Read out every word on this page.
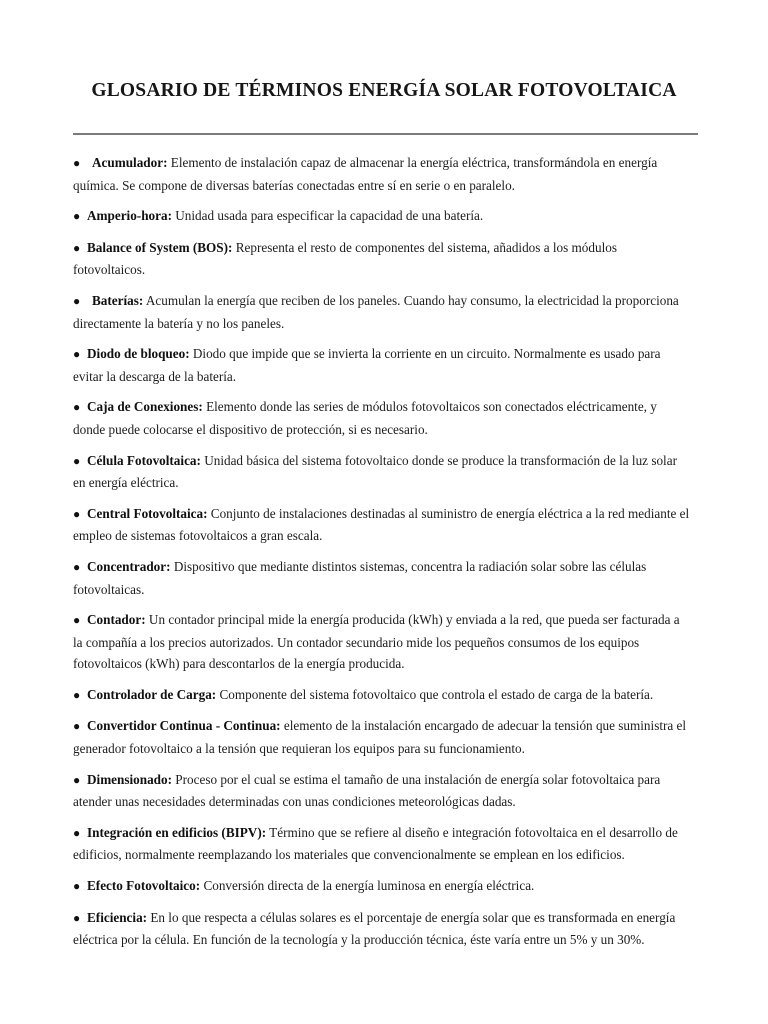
GLOSARIO DE TÉRMINOS ENERGÍA SOLAR FOTOVOLTAICA

● Acumulador: Elemento de instalación capaz de almacenar la energía eléctrica, transformándola en energía química. Se compone de diversas baterías conectadas entre sí en serie o en paralelo.

● Amperio-hora: Unidad usada para especificar la capacidad de una batería.

● Balance of System (BOS): Representa el resto de componentes del sistema, añadidos a los módulos fotovoltaicos.

● Baterías: Acumulan la energía que reciben de los paneles. Cuando hay consumo, la electricidad la proporciona directamente la batería y no los paneles.

● Diodo de bloqueo: Diodo que impide que se invierta la corriente en un circuito. Normalmente es usado para evitar la descarga de la batería.

● Caja de Conexiones: Elemento donde las series de módulos fotovoltaicos son conectados eléctricamente, y donde puede colocarse el dispositivo de protección, si es necesario.

● Célula Fotovoltaica: Unidad básica del sistema fotovoltaico donde se produce la transformación de la luz solar en energía eléctrica.

● Central Fotovoltaica: Conjunto de instalaciones destinadas al suministro de energía eléctrica a la red mediante el empleo de sistemas fotovoltaicos a gran escala.

● Concentrador: Dispositivo que mediante distintos sistemas, concentra la radiación solar sobre las células fotovoltaicas.

● Contador: Un contador principal mide la energía producida (kWh) y enviada a la red, que pueda ser facturada a la compañía a los precios autorizados. Un contador secundario mide los pequeños consumos de los equipos fotovoltaicos (kWh) para descontarlos de la energía producida.

● Controlador de Carga: Componente del sistema fotovoltaico que controla el estado de carga de la batería.

● Convertidor Continua - Continua: elemento de la instalación encargado de adecuar la tensión que suministra el generador fotovoltaico a la tensión que requieran los equipos para su funcionamiento.

● Dimensionado: Proceso por el cual se estima el tamaño de una instalación de energía solar fotovoltaica para atender unas necesidades determinadas con unas condiciones meteorológicas dadas.

● Integración en edificios (BIPV): Término que se refiere al diseño e integración fotovoltaica en el desarrollo de edificios, normalmente reemplazando los materiales que convencionalmente se emplean en los edificios.

● Efecto Fotovoltaico: Conversión directa de la energía luminosa en energía eléctrica.

● Eficiencia: En lo que respecta a células solares es el porcentaje de energía solar que es transformada en energía eléctrica por la célula. En función de la tecnología y la producción técnica, éste varía entre un 5% y un 30%.
